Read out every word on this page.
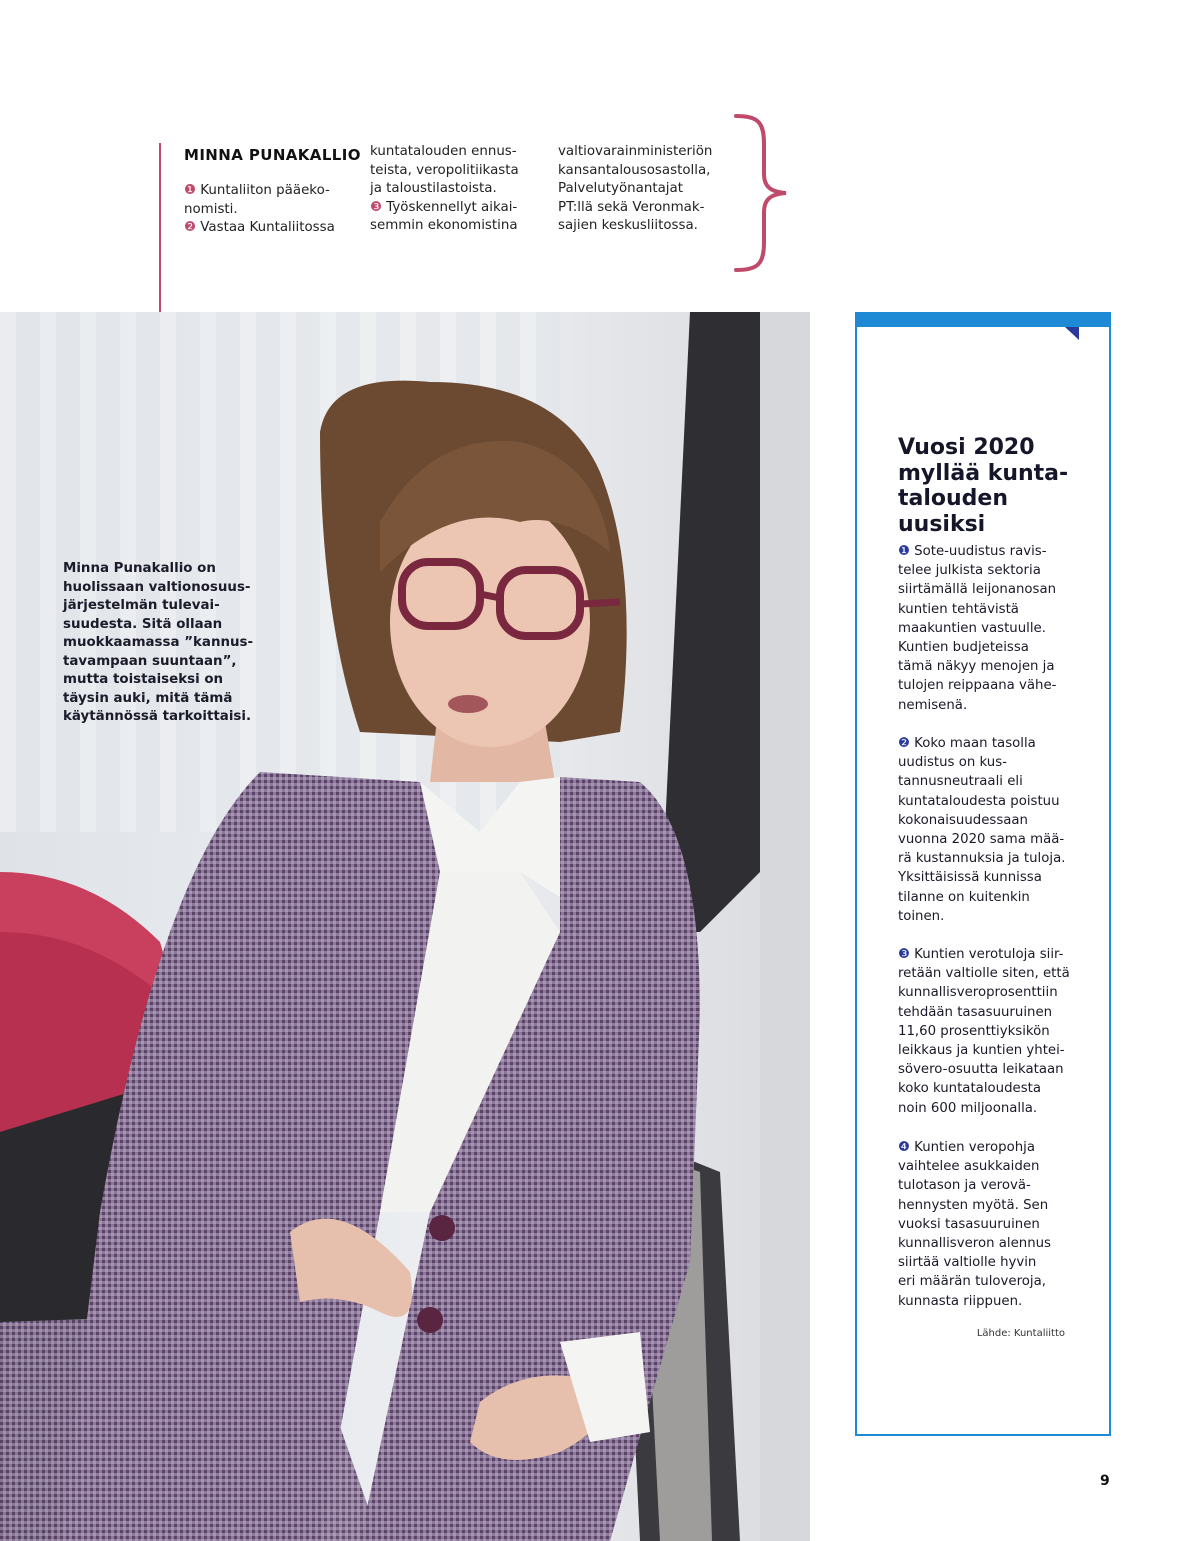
MINNA PUNAKALLIO

❶ Kuntaliiton pääeko-
nomisti.
❷ Vastaa Kuntaliitossa

kuntatalouden ennus-
teista, veropolitiikasta
ja taloustilastoista.
❸ Työskennellyt aikai-
semmin ekonomistina

valtiovarainministeriön
kansantalousosastolla,
Palvelutyönantajat
PT:llä sekä Veronmak-
sajien keskusliitossa.

Minna Punakallio on
huolissaan valtionosuus-
järjestelmän tulevai-
suudesta. Sitä ollaan
muokkaamassa ”kannus-
tavampaan suuntaan”,
mutta toistaiseksi on
täysin auki, mitä tämä
käytännössä tarkoittaisi.

Vuosi 2020
myllää kunta-
talouden uusiksi

❶ Sote-uudistus ravis-
telee julkista sektoria
siirtämällä leijonanosan
kuntien tehtävistä
maakuntien vastuulle.
Kuntien budjeteissa
tämä näkyy menojen ja
tulojen reippaana vähe-
nemisenä.

❷ Koko maan tasolla
uudistus on kus-
tannusneutraali eli
kuntataloudesta poistuu
kokonaisuudessaan
vuonna 2020 sama mää-
rä kustannuksia ja tuloja.
Yksittäisissä kunnissa
tilanne on kuitenkin
toinen.

❸ Kuntien verotuloja siir-
retään valtiolle siten, että
kunnallisveroprosenttiin
tehdään tasasuuruinen
11,60 prosenttiyksikön
leikkaus ja kuntien yhtei-
sövero-osuutta leikataan
koko kuntataloudesta
noin 600 miljoonalla.

❹ Kuntien veropohja
vaihtelee asukkaiden
tulotason ja verovä-
hennysten myötä. Sen
vuoksi tasasuuruinen
kunnallisveron alennus
siirtää valtiolle hyvin
eri määrän tuloveroja,
kunnasta riippuen.

Lähde: Kuntaliitto

9
